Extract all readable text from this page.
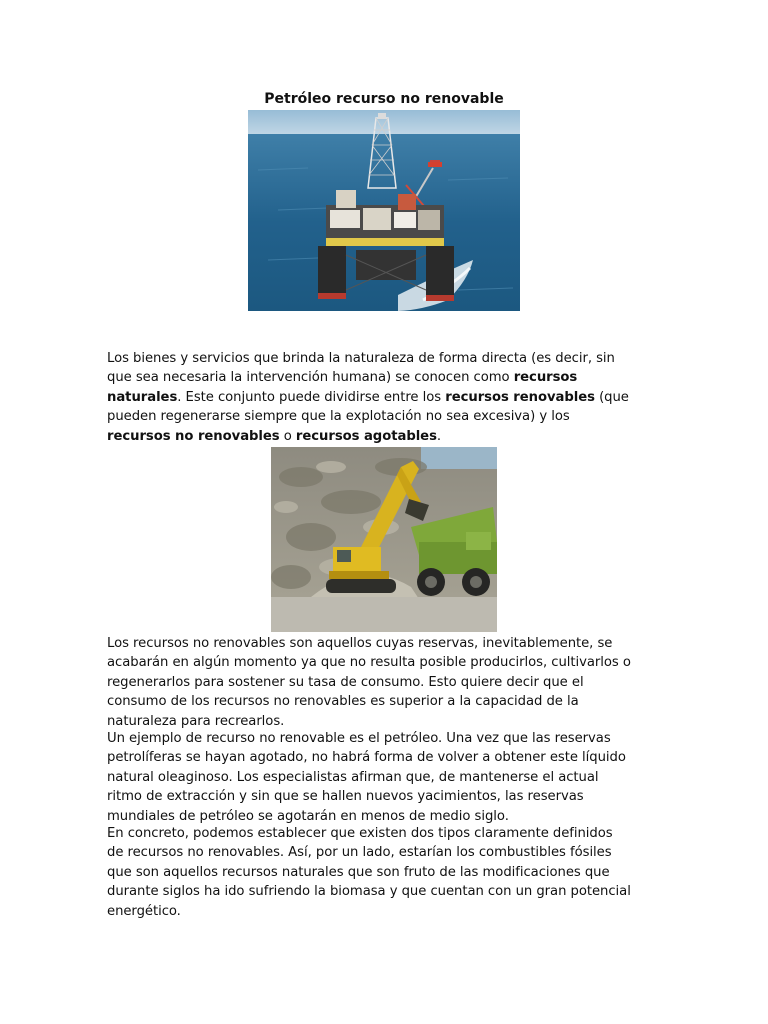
Petróleo recurso no renovable

Los bienes y servicios que brinda la naturaleza de forma directa (es decir, sin
que sea necesaria la intervención humana) se conocen como recursos
naturales. Este conjunto puede dividirse entre los recursos renovables (que
pueden regenerarse siempre que la explotación no sea excesiva) y los
recursos no renovables o recursos agotables.

Los recursos no renovables son aquellos cuyas reservas, inevitablemente, se
acabarán en algún momento ya que no resulta posible producirlos, cultivarlos o
regenerarlos para sostener su tasa de consumo. Esto quiere decir que el
consumo de los recursos no renovables es superior a la capacidad de la
naturaleza para recrearlos.

Un ejemplo de recurso no renovable es el petróleo. Una vez que las reservas
petrolíferas se hayan agotado, no habrá forma de volver a obtener este líquido
natural oleaginoso. Los especialistas afirman que, de mantenerse el actual
ritmo de extracción y sin que se hallen nuevos yacimientos, las reservas
mundiales de petróleo se agotarán en menos de medio siglo.

En concreto, podemos establecer que existen dos tipos claramente definidos
de recursos no renovables. Así, por un lado, estarían los combustibles fósiles
que son aquellos recursos naturales que son fruto de las modificaciones que
durante siglos ha ido sufriendo la biomasa y que cuentan con un gran potencial
energético.
